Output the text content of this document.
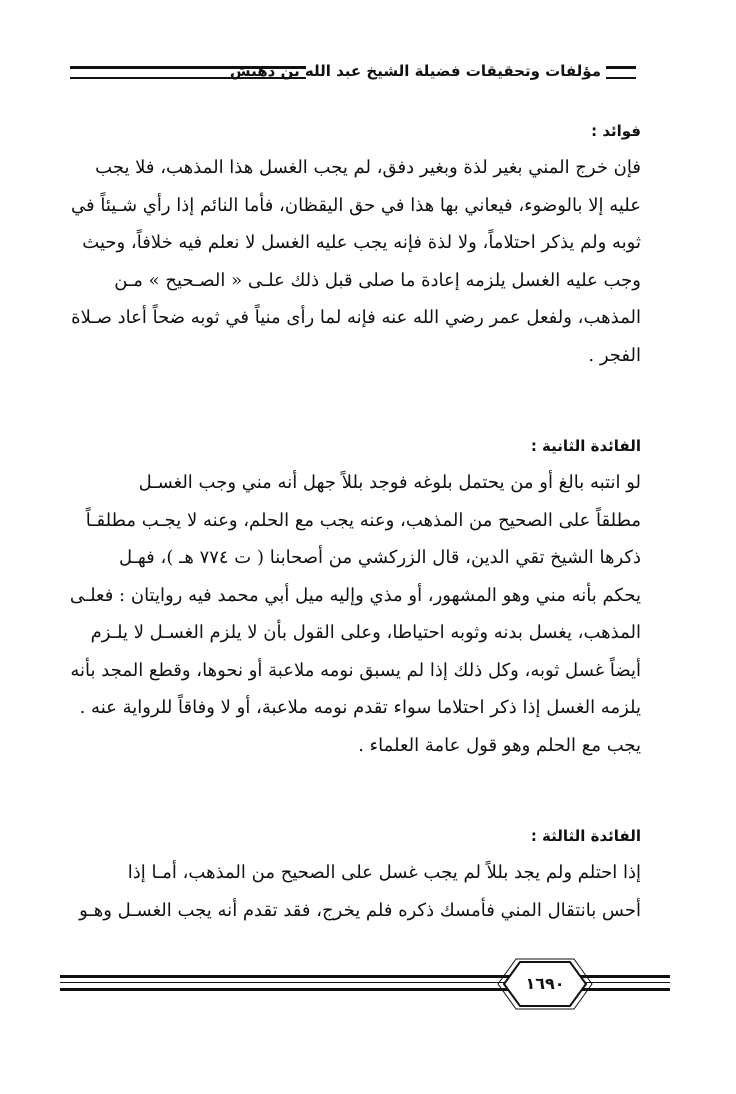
مؤلفات وتحقيقات فضيلة الشيخ عبد الله بن دهيش

فوائد :

فإن خرج المني بغير لذة وبغير دفق، لم يجب الغسل هذا المذهب، فلا يجب
عليه إلا بالوضوء، فيعاني بها هذا في حق اليقظان، فأما النائم إذا رأي شـيئاً في
ثوبه ولم يذكر احتلاماً، ولا لذة فإنه يجب عليه الغسل لا نعلم فيه خلافاً، وحيث
وجب عليه الغسل يلزمه إعادة ما صلى قبل ذلك علـى « الصـحيح » مـن
المذهب، ولفعل عمر رضي الله عنه فإنه لما رأى منياً في ثوبه ضحاً أعاد صـلاة
الفجر .

الفائدة الثانية :

لو انتبه بالغ أو من يحتمل بلوغه فوجد بللاً جهل أنه مني وجب الغسـل
مطلقاً على الصحيح من المذهب، وعنه يجب مع الحلم، وعنه لا يجـب مطلقـاً
ذكرها الشيخ تقي الدين، قال الزركشي من أصحابنا ( ت ٧٧٤ هـ )، فهـل
يحكم بأنه مني وهو المشهور، أو مذي وإليه ميل أبي محمد فيه روايتان : فعلـى
المذهب، يغسل بدنه وثوبه احتياطا، وعلى القول بأن لا يلزم الغسـل لا يلـزم
أيضاً غسل ثوبه، وكل ذلك إذا لم يسبق نومه ملاعبة أو نحوها، وقطع المجد بأنه
يلزمه الغسل إذا ذكر احتلاما سواء تقدم نومه ملاعبة، أو لا وفاقاً للرواية عنه .
يجب مع الحلم وهو قول عامة العلماء .

الفائدة الثالثة :

إذا احتلم ولم يجد بللاً لم يجب غسل على الصحيح من المذهب، أمـا إذا
أحس بانتقال المني فأمسك ذكره فلم يخرج، فقد تقدم أنه يجب الغسـل وهـو

١٦٩٠
